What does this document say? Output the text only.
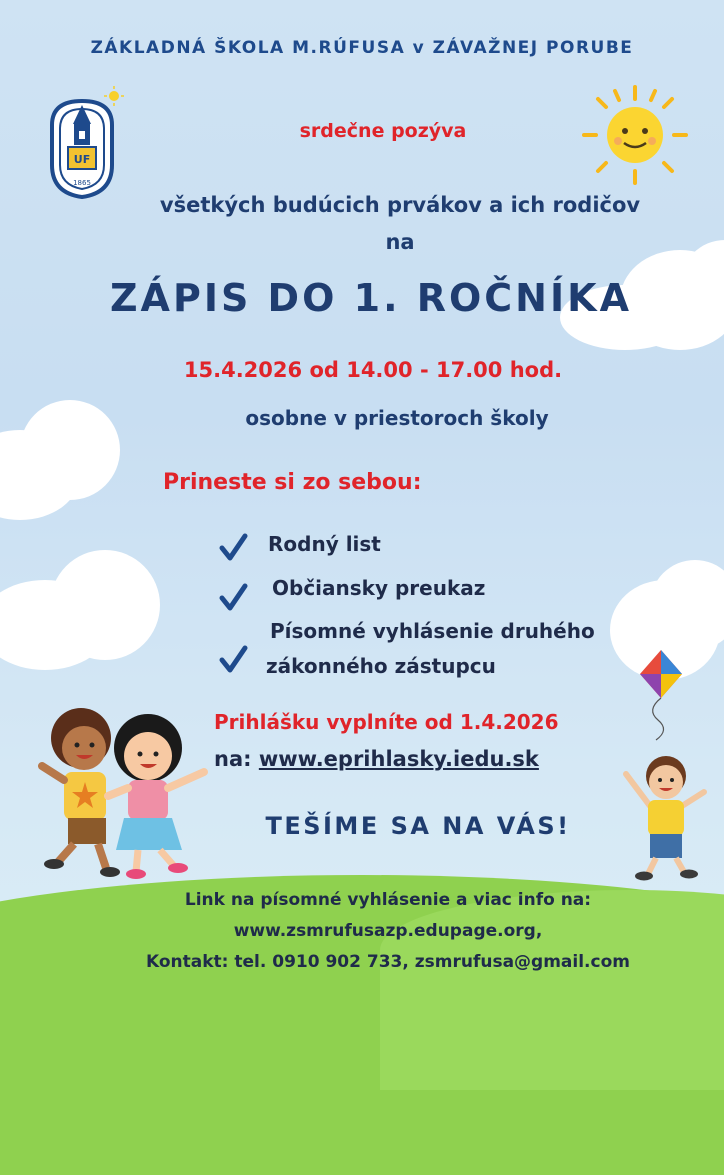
ZÁKLADNÁ ŠKOLA M.RÚFUSA v ZÁVAŽNEJ PORUBE
UF
1865
srdečne pozýva
všetkých budúcich prvákov a ich rodičov
na
ZÁPIS DO 1. ROČNÍKA
15.4.2026 od 14.00 - 17.00 hod.
osobne v priestoroch školy
Prineste si zo sebou:
Rodný list
Občiansky preukaz
Písomné vyhlásenie druhého
zákonného zástupcu
Prihlášku vyplníte od 1.4.2026
na: www.eprihlasky.iedu.sk
TEŠÍME SA NA VÁS!
Link na písomné vyhlásenie a viac info na:
www.zsmrufusazp.edupage.org,
Kontakt: tel. 0910 902 733, zsmrufusa@gmail.com
